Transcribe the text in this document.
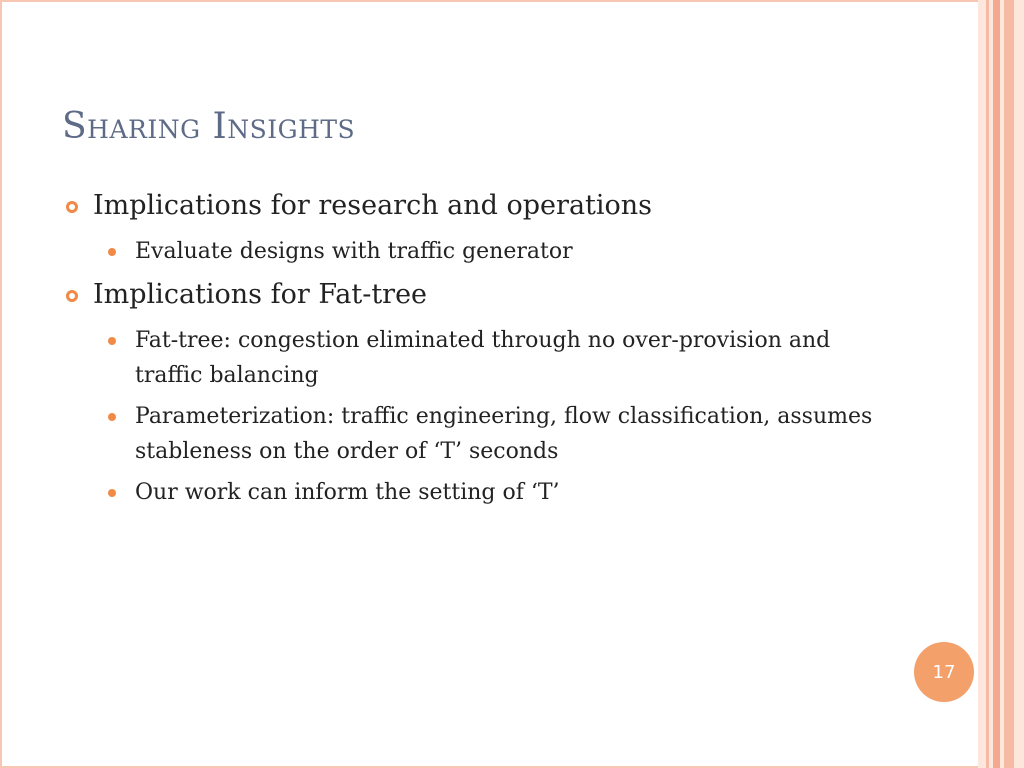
Sharing Insights

Implications for research and operations

Evaluate designs with traffic generator

Implications for Fat-tree

Fat-tree: congestion eliminated through no over-provision and traffic balancing

Parameterization: traffic engineering, flow classification, assumes stableness on the order of ‘T’ seconds

Our work can inform the setting of ‘T’

17
